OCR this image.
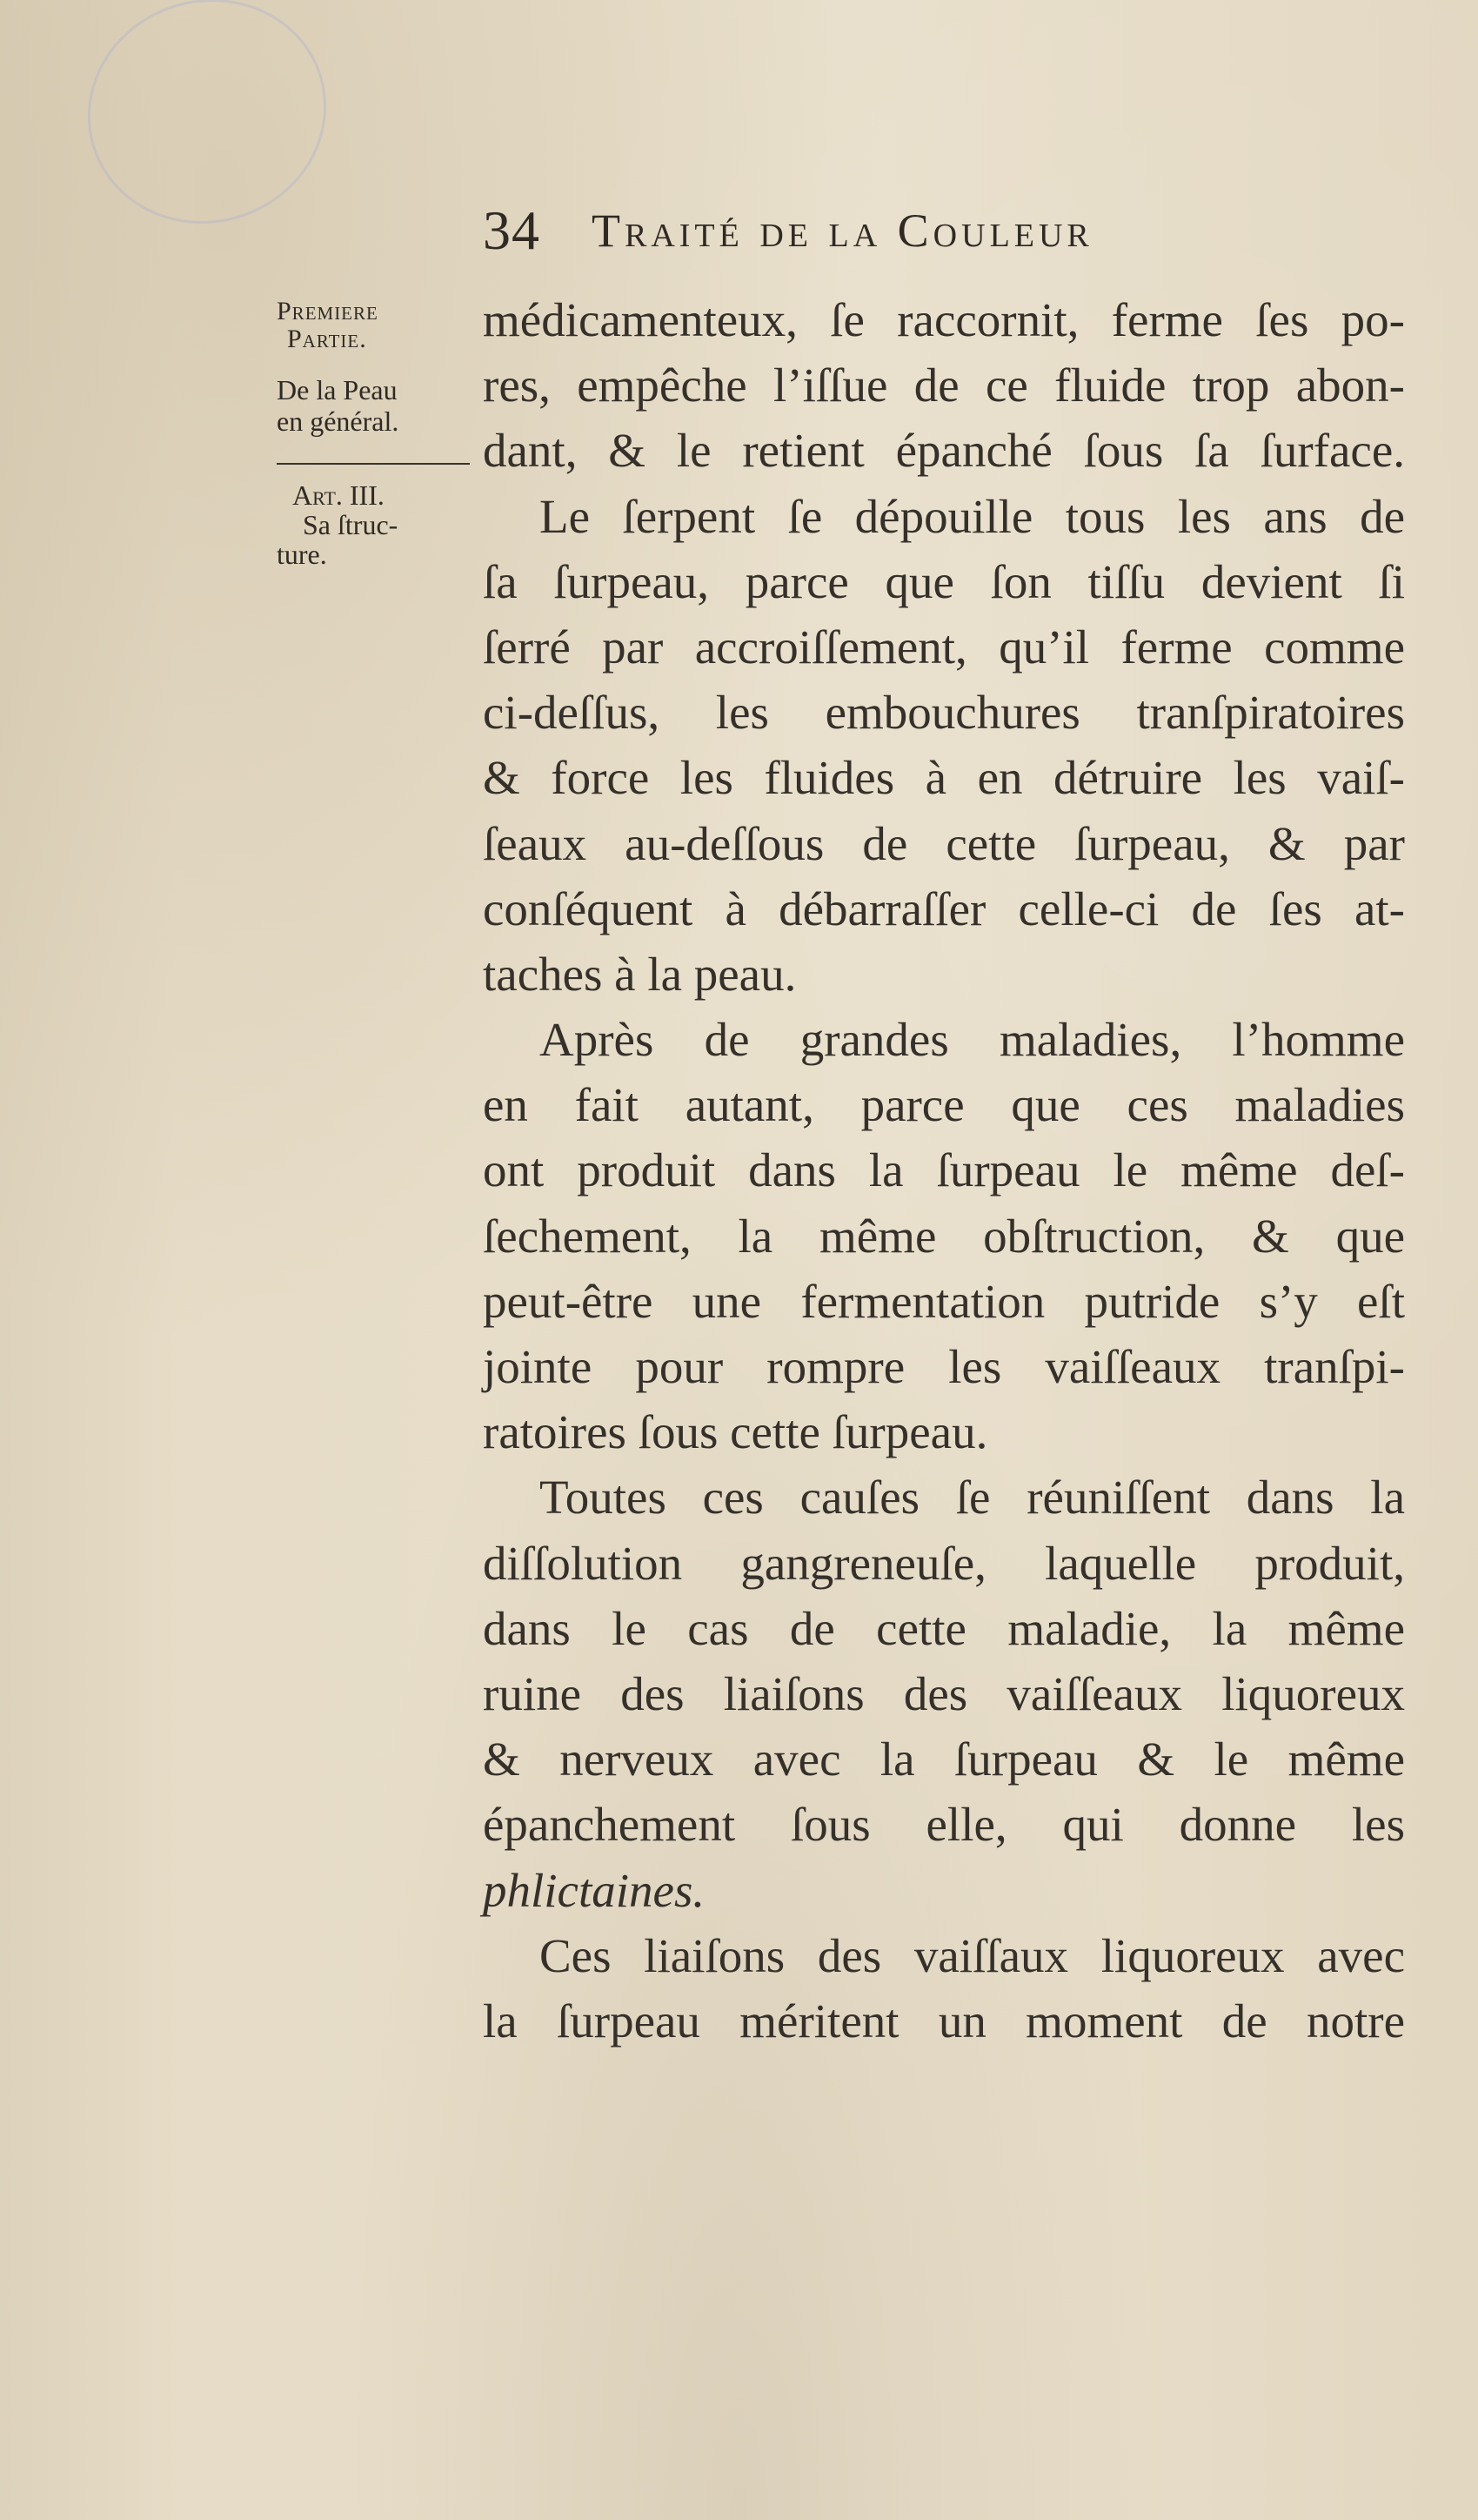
34 Traité de la Couleur
Premiere
Partie.
De la Peau
en général.
Art. III.
Sa ſtruc-
ture.
médicamenteux, ſe raccornit, ferme ſes po-
res, empêche l’iſſue de ce fluide trop abon-
dant, & le retient épanché ſous ſa ſurface.
Le ſerpent ſe dépouille tous les ans de
ſa ſurpeau, parce que ſon tiſſu devient ſi
ſerré par accroiſſement, qu’il ferme comme
ci-deſſus, les embouchures tranſpiratoires
& force les fluides à en détruire les vaiſ-
ſeaux au-deſſous de cette ſurpeau, & par
conſéquent à débarraſſer celle-ci de ſes at-
taches à la peau.
Après de grandes maladies, l’homme
en fait autant, parce que ces maladies
ont produit dans la ſurpeau le même deſ-
ſechement, la même obſtruction, & que
peut-être une fermentation putride s’y eſt
jointe pour rompre les vaiſſeaux tranſpi-
ratoires ſous cette ſurpeau.
Toutes ces cauſes ſe réuniſſent dans la
diſſolution gangreneuſe, laquelle produit,
dans le cas de cette maladie, la même
ruine des liaiſons des vaiſſeaux liquoreux
& nerveux avec la ſurpeau & le même
épanchement ſous elle, qui donne les
phlictaines.
Ces liaiſons des vaiſſaux liquoreux avec
la ſurpeau méritent un moment de notre
